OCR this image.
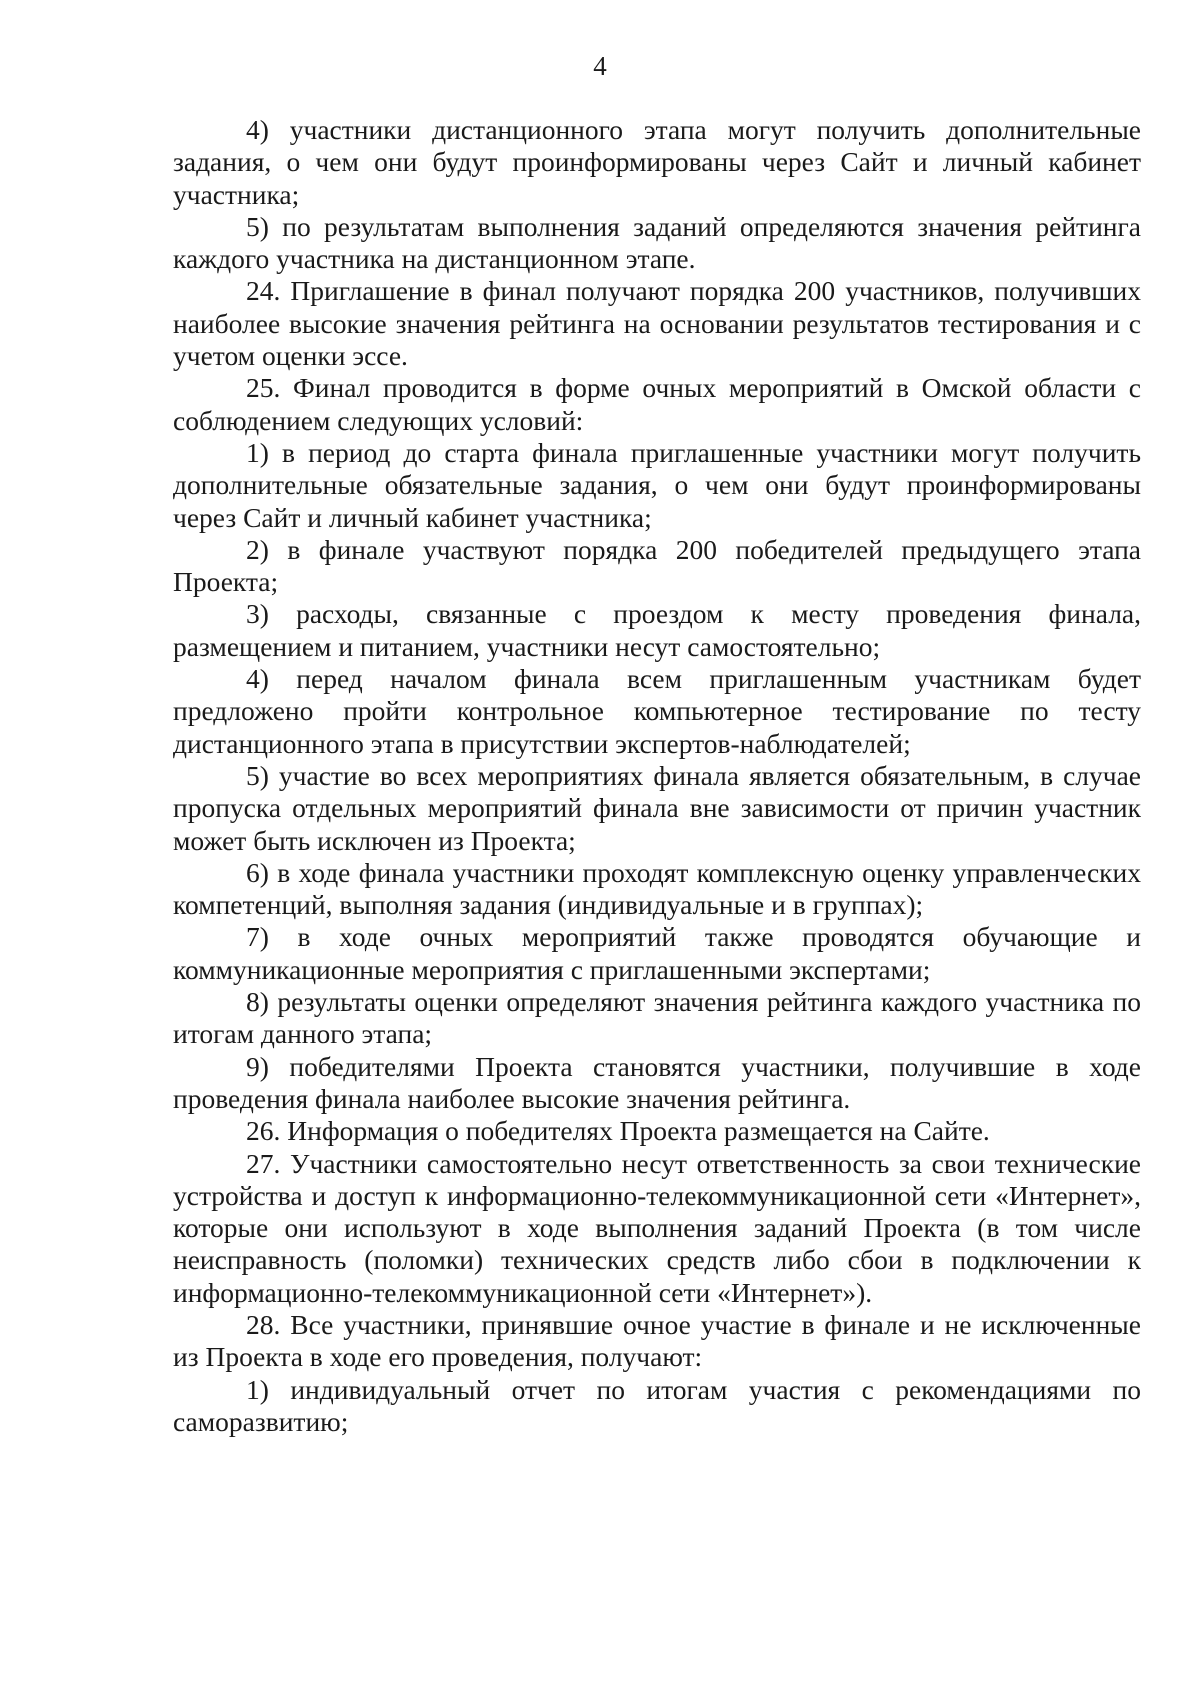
4

4) участники дистанционного этапа могут получить дополнительные задания, о чем они будут проинформированы через Сайт и личный кабинет участника;

5) по результатам выполнения заданий определяются значения рейтинга каждого участника на дистанционном этапе.

24. Приглашение в финал получают порядка 200 участников, получивших наиболее высокие значения рейтинга на основании результатов тестирования и с учетом оценки эссе.

25. Финал проводится в форме очных мероприятий в Омской области с соблюдением следующих условий:

1) в период до старта финала приглашенные участники могут получить дополнительные обязательные задания, о чем они будут проинформированы через Сайт и личный кабинет участника;

2) в финале участвуют порядка 200 победителей предыдущего этапа Проекта;

3) расходы, связанные с проездом к месту проведения финала, размещением и питанием, участники несут самостоятельно;

4) перед началом финала всем приглашенным участникам будет предложено пройти контрольное компьютерное тестирование по тесту дистанционного этапа в присутствии экспертов-наблюдателей;

5) участие во всех мероприятиях финала является обязательным, в случае пропуска отдельных мероприятий финала вне зависимости от причин участник может быть исключен из Проекта;

6) в ходе финала участники проходят комплексную оценку управленческих компетенций, выполняя задания (индивидуальные и в группах);

7) в ходе очных мероприятий также проводятся обучающие и коммуникационные мероприятия с приглашенными экспертами;

8) результаты оценки определяют значения рейтинга каждого участника по итогам данного этапа;

9) победителями Проекта становятся участники, получившие в ходе проведения финала наиболее высокие значения рейтинга.

26. Информация о победителях Проекта размещается на Сайте.

27. Участники самостоятельно несут ответственность за свои технические устройства и доступ к информационно-телекоммуникационной сети «Интернет», которые они используют в ходе выполнения заданий Проекта (в том числе неисправность (поломки) технических средств либо сбои в подключении к информационно-телекоммуникационной сети «Интернет»).

28. Все участники, принявшие очное участие в финале и не исключенные из Проекта в ходе его проведения, получают:

1) индивидуальный отчет по итогам участия с рекомендациями по саморазвитию;
